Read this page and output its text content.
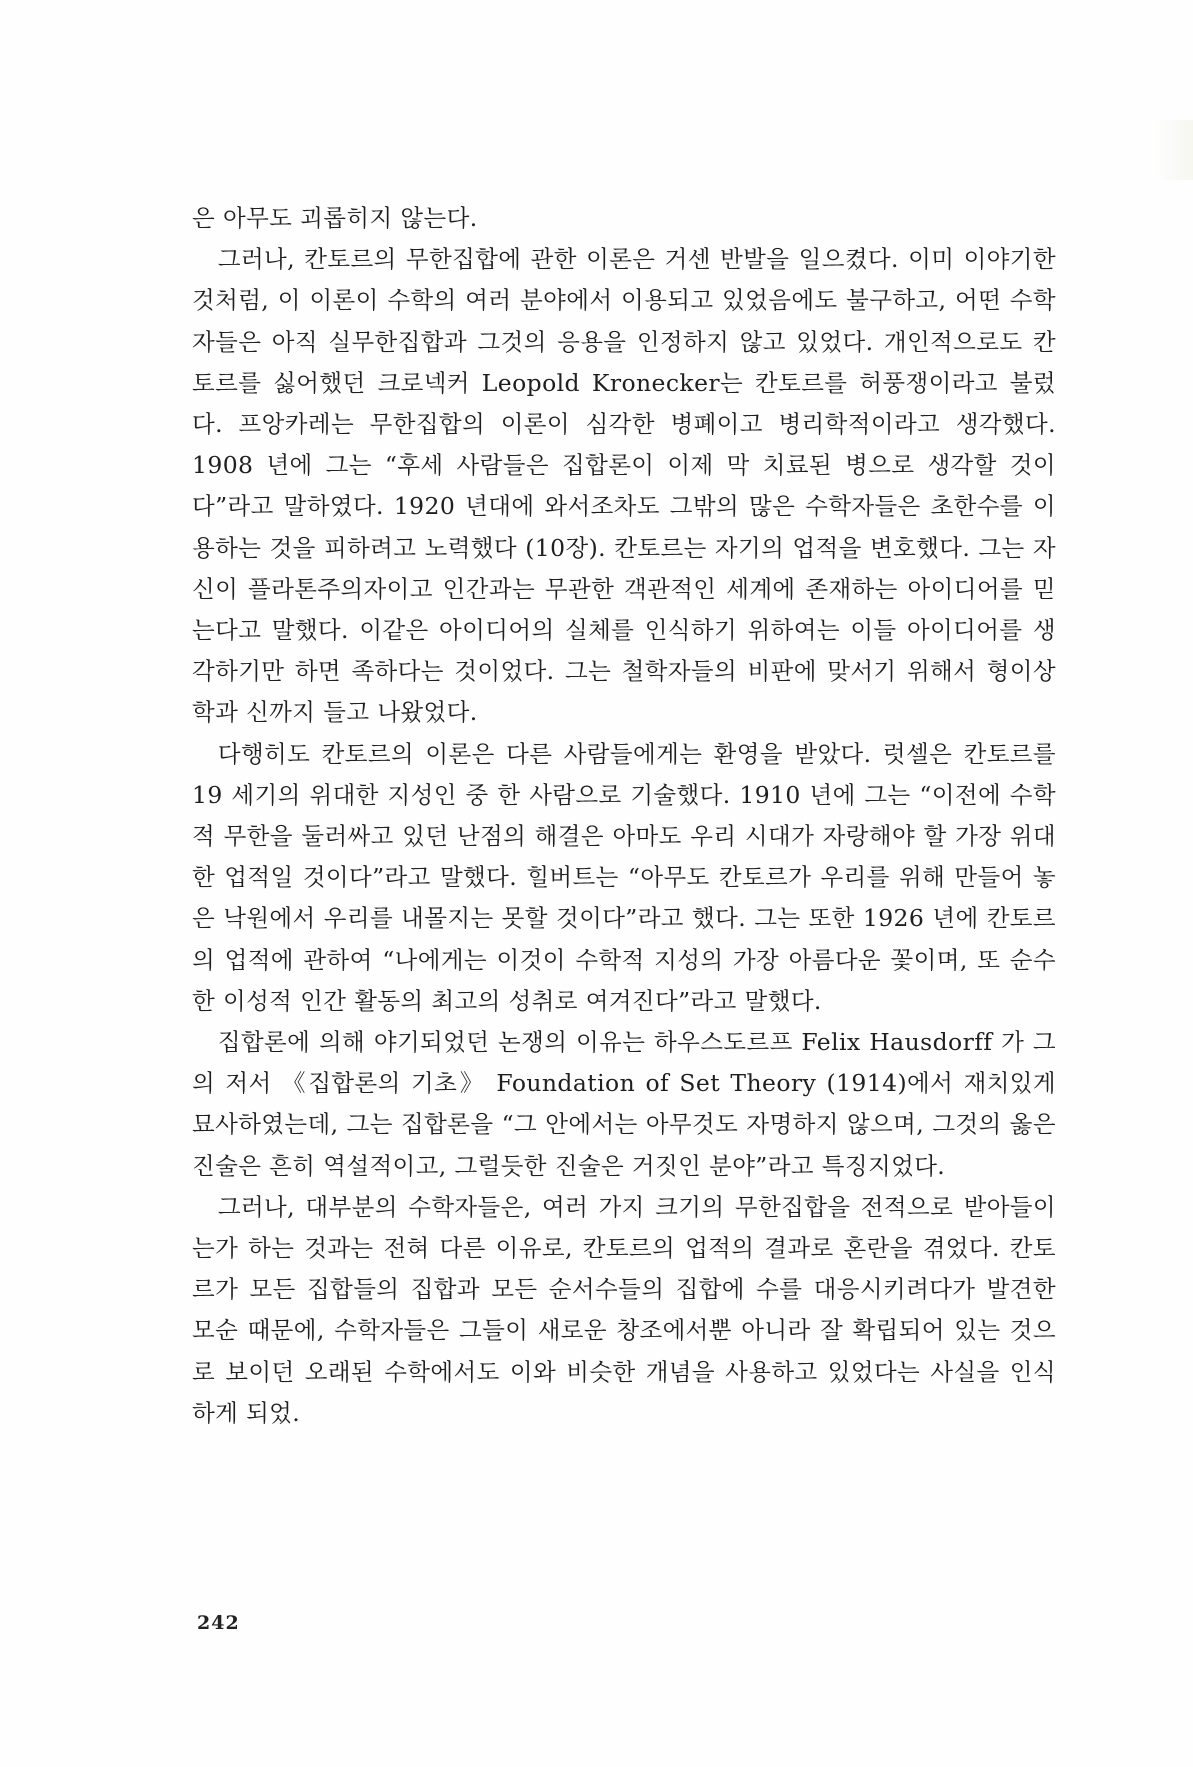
은 아무도 괴롭히지 않는다.

그러나, 칸토르의 무한집합에 관한 이론은 거센 반발을 일으켰다. 이미 이야기한 것처럼, 이 이론이 수학의 여러 분야에서 이용되고 있었음에도 불구하고, 어떤 수학자들은 아직 실무한집합과 그것의 응용을 인정하지 않고 있었다. 개인적으로도 칸토르를 싫어했던 크로넥커 Leopold Kronecker는 칸토르를 허풍쟁이라고 불렀다. 프앙카레는 무한집합의 이론이 심각한 병폐이고 병리학적이라고 생각했다. 1908 년에 그는 “후세 사람들은 집합론이 이제 막 치료된 병으로 생각할 것이다”라고 말하였다. 1920 년대에 와서조차도 그밖의 많은 수학자들은 초한수를 이용하는 것을 피하려고 노력했다 (10장). 칸토르는 자기의 업적을 변호했다. 그는 자신이 플라톤주의자이고 인간과는 무관한 객관적인 세계에 존재하는 아이디어를 믿는다고 말했다. 이같은 아이디어의 실체를 인식하기 위하여는 이들 아이디어를 생각하기만 하면 족하다는 것이었다. 그는 철학자들의 비판에 맞서기 위해서 형이상학과 신까지 들고 나왔었다.

다행히도 칸토르의 이론은 다른 사람들에게는 환영을 받았다. 럿셀은 칸토르를 19 세기의 위대한 지성인 중 한 사람으로 기술했다. 1910 년에 그는 “이전에 수학적 무한을 둘러싸고 있던 난점의 해결은 아마도 우리 시대가 자랑해야 할 가장 위대한 업적일 것이다”라고 말했다. 힐버트는 “아무도 칸토르가 우리를 위해 만들어 놓은 낙원에서 우리를 내몰지는 못할 것이다”라고 했다. 그는 또한 1926 년에 칸토르의 업적에 관하여 “나에게는 이것이 수학적 지성의 가장 아름다운 꽃이며, 또 순수한 이성적 인간 활동의 최고의 성취로 여겨진다”라고 말했다.

집합론에 의해 야기되었던 논쟁의 이유는 하우스도르프 Felix Hausdorff 가 그의 저서 《집합론의 기초》 Foundation of Set Theory (1914)에서 재치있게 묘사하였는데, 그는 집합론을 “그 안에서는 아무것도 자명하지 않으며, 그것의 옳은 진술은 흔히 역설적이고, 그럴듯한 진술은 거짓인 분야”라고 특징지었다.

그러나, 대부분의 수학자들은, 여러 가지 크기의 무한집합을 전적으로 받아들이는가 하는 것과는 전혀 다른 이유로, 칸토르의 업적의 결과로 혼란을 겪었다. 칸토르가 모든 집합들의 집합과 모든 순서수들의 집합에 수를 대응시키려다가 발견한 모순 때문에, 수학자들은 그들이 새로운 창조에서뿐 아니라 잘 확립되어 있는 것으로 보이던 오래된 수학에서도 이와 비슷한 개념을 사용하고 있었다는 사실을 인식하게 되었.

242
